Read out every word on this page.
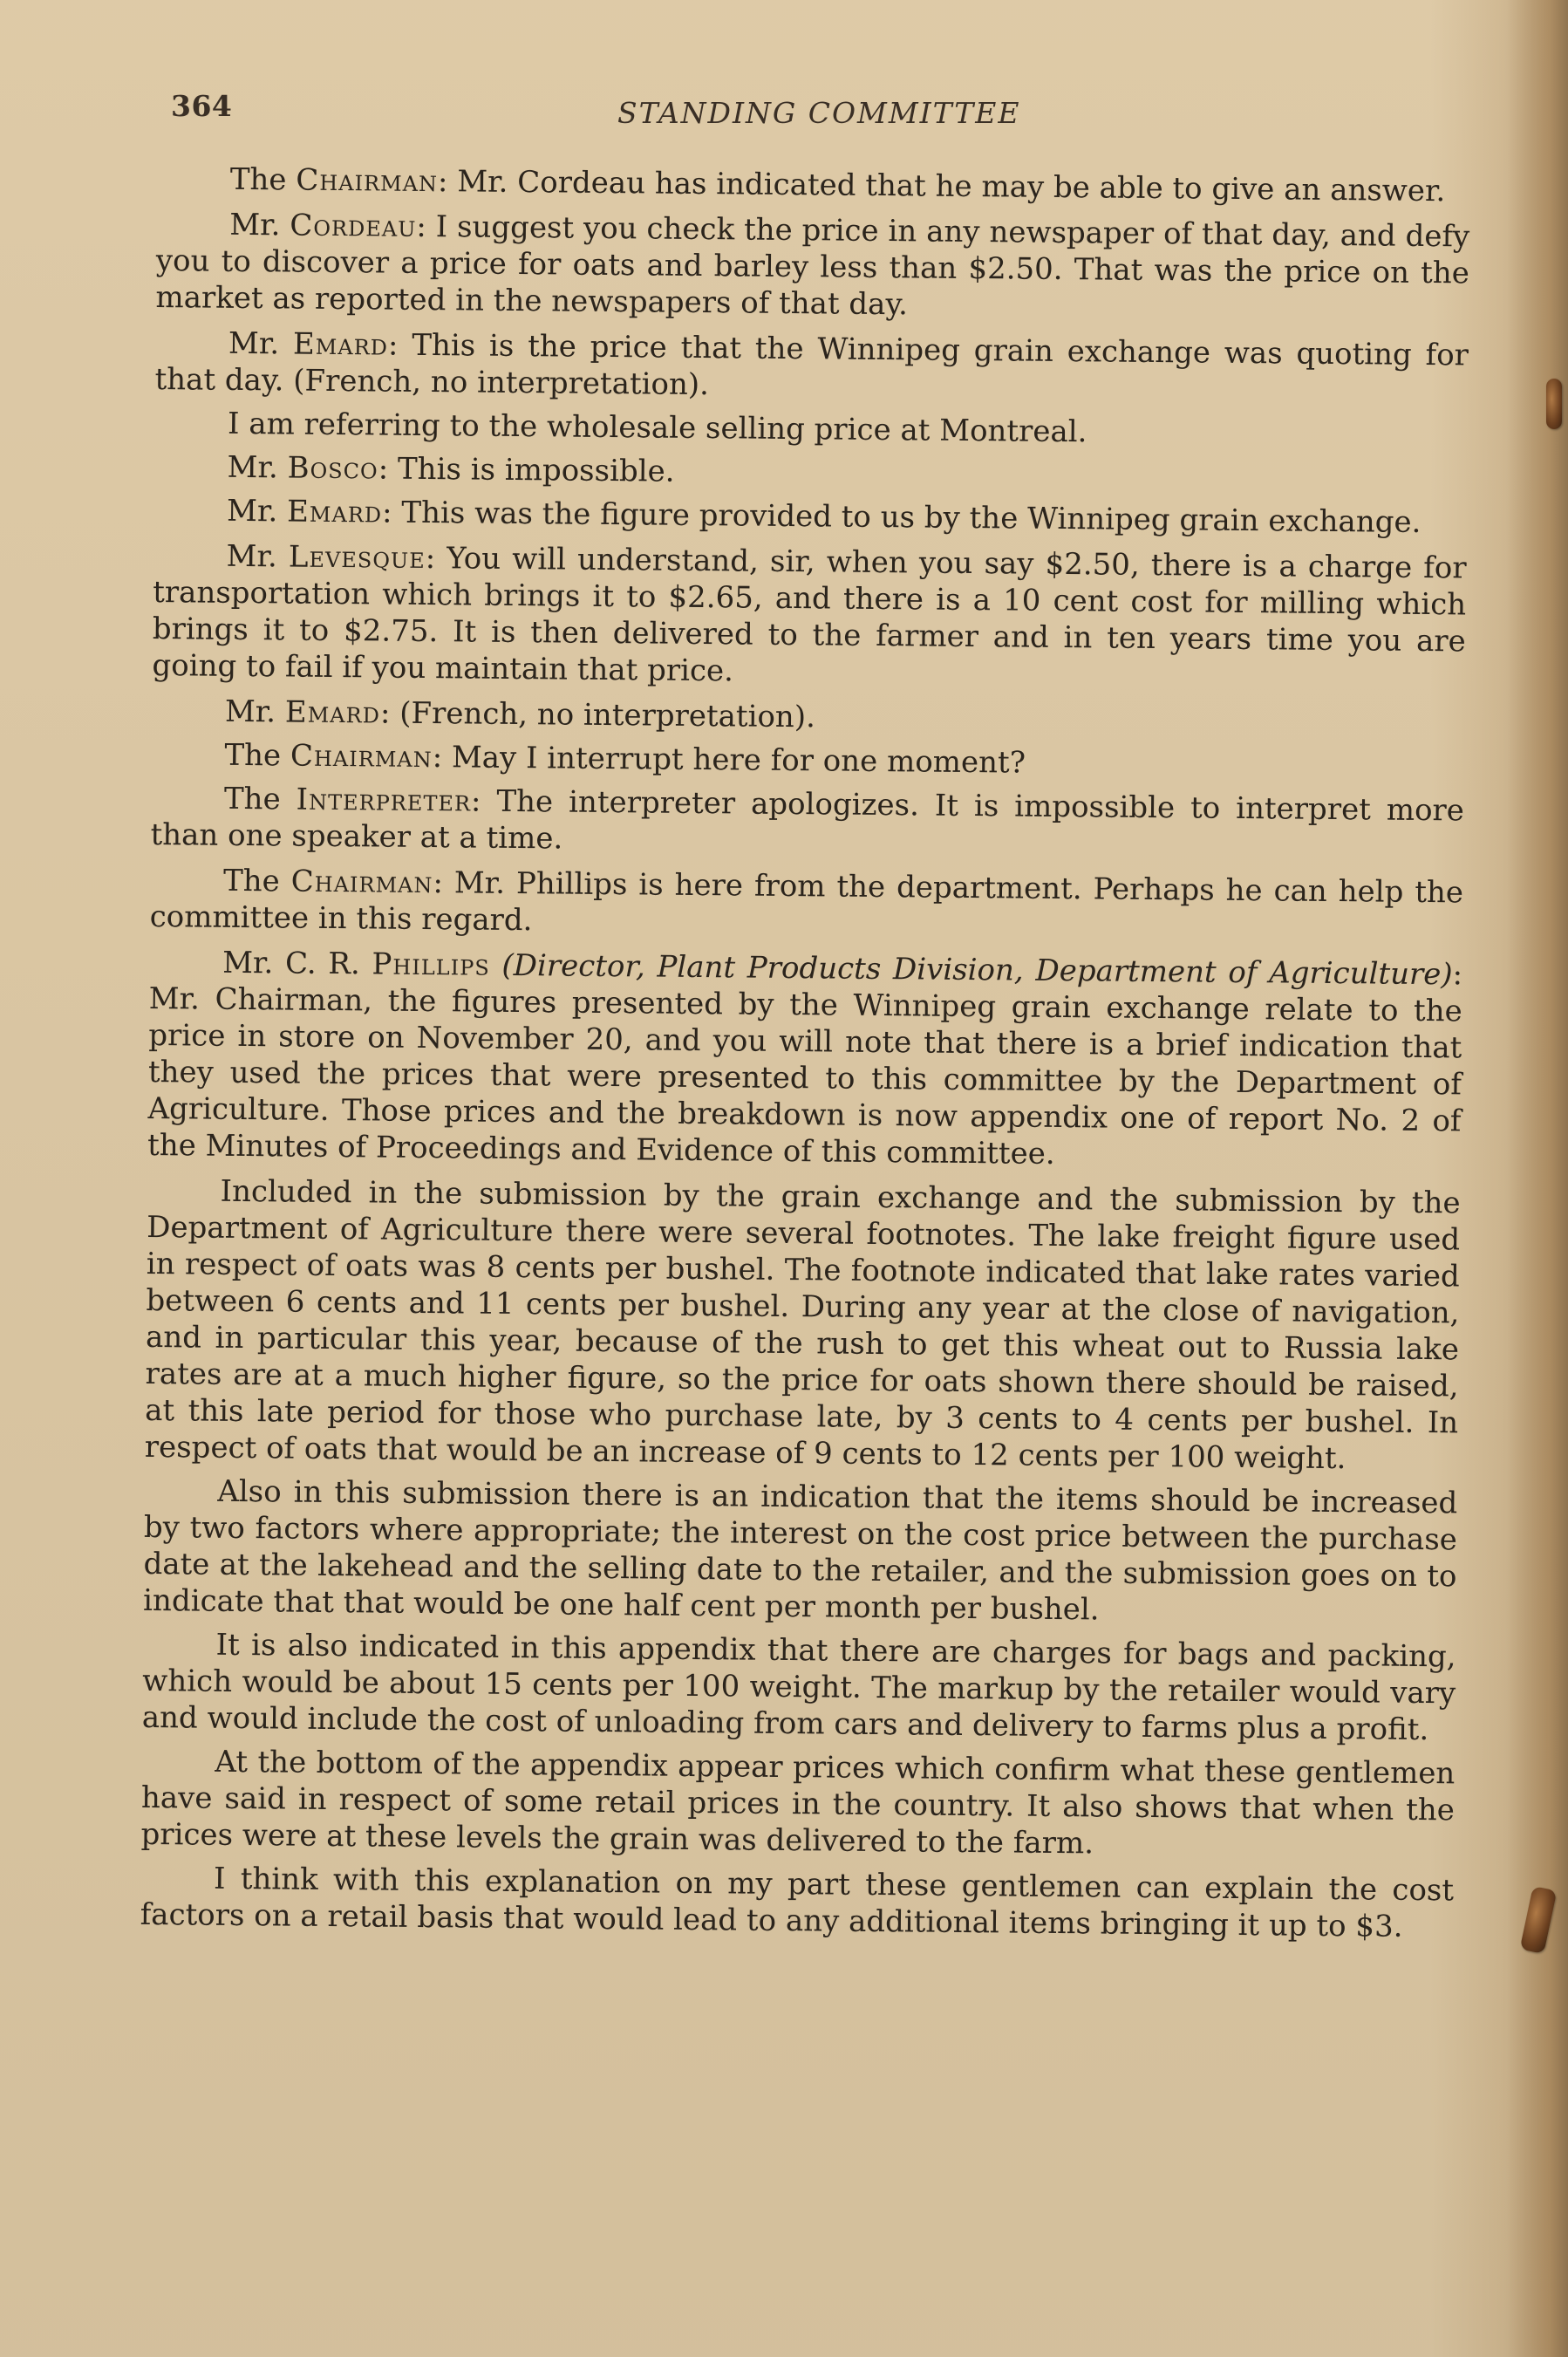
364	STANDING COMMITTEE

The Chairman: Mr. Cordeau has indicated that he may be able to give an answer.

Mr. Cordeau: I suggest you check the price in any newspaper of that day, and defy you to discover a price for oats and barley less than $2.50. That was the price on the market as reported in the newspapers of that day.

Mr. Emard: This is the price that the Winnipeg grain exchange was quoting for that day. (French, no interpretation).

I am referring to the wholesale selling price at Montreal.

Mr. Bosco: This is impossible.

Mr. Emard: This was the figure provided to us by the Winnipeg grain exchange.

Mr. Levesque: You will understand, sir, when you say $2.50, there is a charge for transportation which brings it to $2.65, and there is a 10 cent cost for milling which brings it to $2.75. It is then delivered to the farmer and in ten years time you are going to fail if you maintain that price.

Mr. Emard: (French, no interpretation).

The Chairman: May I interrupt here for one moment?

The Interpreter: The interpreter apologizes. It is impossible to interpret more than one speaker at a time.

The Chairman: Mr. Phillips is here from the department. Perhaps he can help the committee in this regard.

Mr. C. R. Phillips (Director, Plant Products Division, Department of Agriculture): Mr. Chairman, the figures presented by the Winnipeg grain exchange relate to the price in store on November 20, and you will note that there is a brief indication that they used the prices that were presented to this committee by the Department of Agriculture. Those prices and the breakdown is now appendix one of report No. 2 of the Minutes of Proceedings and Evidence of this committee.

Included in the submission by the grain exchange and the submission by the Department of Agriculture there were several footnotes. The lake freight figure used in respect of oats was 8 cents per bushel. The footnote indicated that lake rates varied between 6 cents and 11 cents per bushel. During any year at the close of navigation, and in particular this year, because of the rush to get this wheat out to Russia lake rates are at a much higher figure, so the price for oats shown there should be raised, at this late period for those who purchase late, by 3 cents to 4 cents per bushel. In respect of oats that would be an increase of 9 cents to 12 cents per 100 weight.

Also in this submission there is an indication that the items should be increased by two factors where appropriate; the interest on the cost price between the purchase date at the lakehead and the selling date to the retailer, and the submission goes on to indicate that that would be one half cent per month per bushel.

It is also indicated in this appendix that there are charges for bags and packing, which would be about 15 cents per 100 weight. The markup by the retailer would vary and would include the cost of unloading from cars and delivery to farms plus a profit.

At the bottom of the appendix appear prices which confirm what these gentlemen have said in respect of some retail prices in the country. It also shows that when the prices were at these levels the grain was delivered to the farm.

I think with this explanation on my part these gentlemen can explain the cost factors on a retail basis that would lead to any additional items bringing it up to $3.
